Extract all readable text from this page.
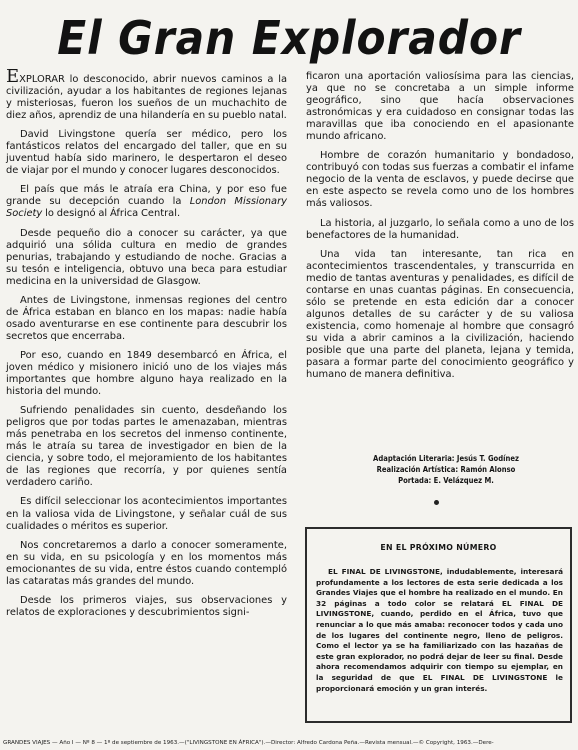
El Gran Explorador

EXPLORAR lo desconocido, abrir nuevos caminos a la civilización, ayudar a los habitantes de regiones lejanas y misteriosas, fueron los sueños de un muchachito de diez años, aprendiz de una hilandería en su pueblo natal.

David Livingstone quería ser médico, pero los fantásticos relatos del encargado del taller, que en su juventud había sido marinero, le despertaron el deseo de viajar por el mundo y conocer lugares desconocidos.

El país que más le atraía era China, y por eso fue grande su decepción cuando la London Missionary Society lo designó al África Central.

Desde pequeño dio a conocer su carácter, ya que adquirió una sólida cultura en medio de grandes penurias, trabajando y estudiando de noche. Gracias a su tesón e inteligencia, obtuvo una beca para estudiar medicina en la universidad de Glasgow.

Antes de Livingstone, inmensas regiones del centro de África estaban en blanco en los mapas: nadie había osado aventurarse en ese continente para descubrir los secretos que encerraba.

Por eso, cuando en 1849 desembarcó en África, el joven médico y misionero inició uno de los viajes más importantes que hombre alguno haya realizado en la historia del mundo.

Sufriendo penalidades sin cuento, desdeñando los peligros que por todas partes le amenazaban, mientras más penetraba en los secretos del inmenso continente, más le atraía su tarea de investigador en bien de la ciencia, y sobre todo, el mejoramiento de los habitantes de las regiones que recorría, y por quienes sentía verdadero cariño.

Es difícil seleccionar los acontecimientos importantes en la valiosa vida de Livingstone, y señalar cuál de sus cualidades o méritos es superior.

Nos concretaremos a darlo a conocer someramente, en su vida, en su psicología y en los momentos más emocionantes de su vida, entre éstos cuando contempló las cataratas más grandes del mundo.

Desde los primeros viajes, sus observaciones y relatos de exploraciones y descubrimientos signi-

ficaron una aportación valiosísima para las ciencias, ya que no se concretaba a un simple informe geográfico, sino que hacía observaciones astronómicas y era cuidadoso en consignar todas las maravillas que iba conociendo en el apasionante mundo africano.

Hombre de corazón humanitario y bondadoso, contribuyó con todas sus fuerzas a combatir el infame negocio de la venta de esclavos, y puede decirse que en este aspecto se revela como uno de los hombres más valiosos.

La historia, al juzgarlo, lo señala como a uno de los benefactores de la humanidad.

Una vida tan interesante, tan rica en acontecimientos trascendentales, y transcurrida en medio de tantas aventuras y penalidades, es difícil de contarse en unas cuantas páginas. En consecuencia, sólo se pretende en esta edición dar a conocer algunos detalles de su carácter y de su valiosa existencia, como homenaje al hombre que consagró su vida a abrir caminos a la civilización, haciendo posible que una parte del planeta, lejana y temida, pasara a formar parte del conocimiento geográfico y humano de manera definitiva.

Adaptación Literaria: Jesús T. Godínez
Realización Artística: Ramón Alonso
Portada: E. Velázquez M.
EN EL PRÓXIMO NÚMERO
EL FINAL DE LIVINGSTONE, indudablemente, interesará profundamente a los lectores de esta serie dedicada a los Grandes Viajes que el hombre ha realizado en el mundo. En 32 páginas a todo color se relatará EL FINAL DE LIVINGSTONE, cuando, perdido en el África, tuvo que renunciar a lo que más amaba: reconocer todos y cada uno de los lugares del continente negro, lleno de peligros. Como el lector ya se ha familiarizado con las hazañas de este gran explorador, no podrá dejar de leer su final. Desde ahora recomendamos adquirir con tiempo su ejemplar, en la seguridad de que EL FINAL DE LIVINGSTONE le proporcionará emoción y un gran interés.
GRANDES VIAJES — Año I — Nº 8 — 1º de septiembre de 1963.—("LIVINGSTONE EN ÁFRICA").—Director: Alfredo Cardona Peña.—Revista mensual.—© Copyright, 1963.—Dere-
